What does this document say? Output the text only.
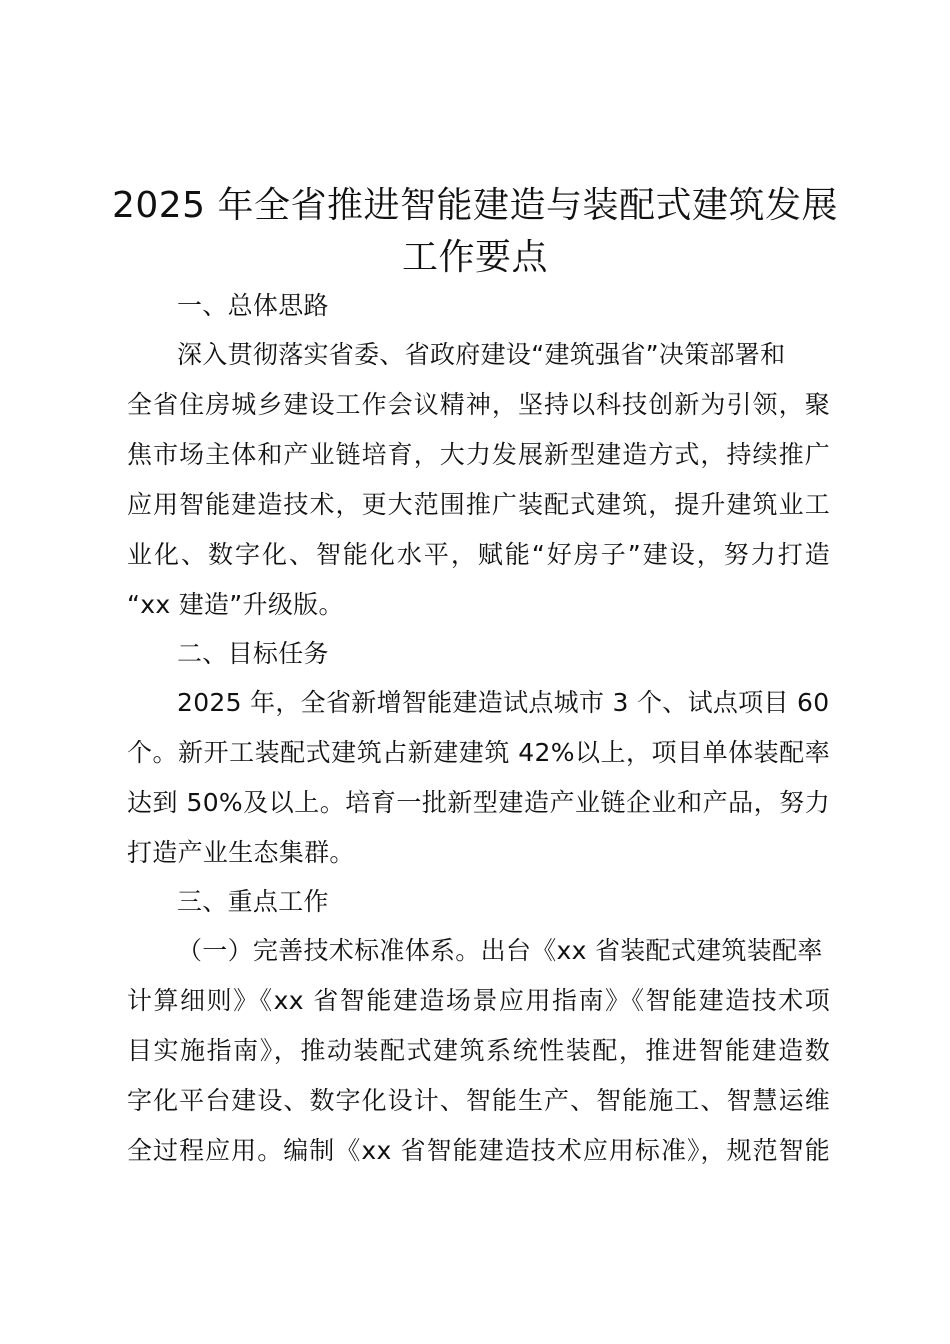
2025 年全省推进智能建造与装配式建筑发展
工作要点
一、总体思路
深入贯彻落实省委、省政府建设“建筑强省”决策部署和
全省住房城乡建设工作会议精神，坚持以科技创新为引领，聚
焦市场主体和产业链培育，大力发展新型建造方式，持续推广
应用智能建造技术，更大范围推广装配式建筑，提升建筑业工
业化、数字化、智能化水平，赋能“好房子”建设，努力打造
“xx 建造”升级版。
二、目标任务
2025 年，全省新增智能建造试点城市 3 个、试点项目 60
个。新开工装配式建筑占新建建筑 42%以上，项目单体装配率
达到 50%及以上。培育一批新型建造产业链企业和产品，努力
打造产业生态集群。
三、重点工作
（一）完善技术标准体系。出台《xx 省装配式建筑装配率
计算细则》《xx 省智能建造场景应用指南》《智能建造技术项
目实施指南》，推动装配式建筑系统性装配，推进智能建造数
字化平台建设、数字化设计、智能生产、智能施工、智慧运维
全过程应用。编制《xx 省智能建造技术应用标准》，规范智能
